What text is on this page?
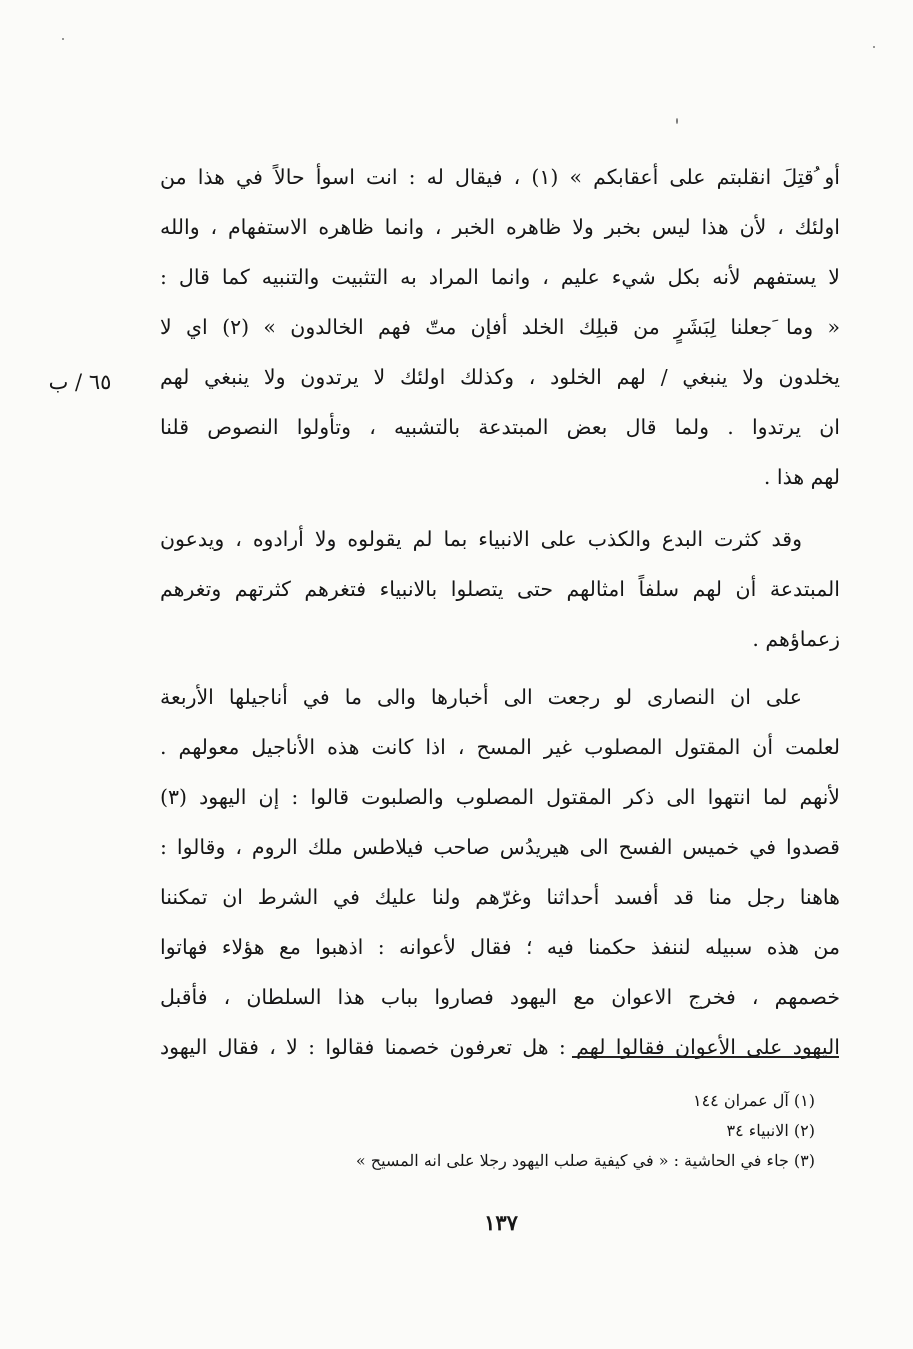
٦٥ / ب
أو ُقتِلَ انقلبتم على أعقابكم » (١) ، فيقال له : انت اسوأ حالاً في هذا من
اولئك ، لأن هذا ليس بخبر ولا ظاهره الخبر ، وانما ظاهره الاستفهام ، والله
لا يستفهم لأنه بكل شيء عليم ، وانما المراد به التثبيت والتنبيه كما قال :
« وما َجعلنا لِبَشَرٍ من قبلِك الخلد أفإن متّ فهم الخالدون » (٢) اي لا
يخلدون ولا ينبغي / لهم الخلود ، وكذلك اولئك لا يرتدون ولا ينبغي لهم
ان يرتدوا . ولما قال بعض المبتدعة بالتشبيه ، وتأولوا النصوص قلنا
لهم هذا .
وقد كثرت البدع والكذب على الانبياء بما لم يقولوه ولا أرادوه ، ويدعون
المبتدعة أن لهم سلفاً امثالهم حتى يتصلوا بالانبياء فتغرهم كثرتهم وتغرهم
زعماؤهم .
على ان النصارى لو رجعت الى أخبارها والى ما في أناجيلها الأربعة
لعلمت أن المقتول المصلوب غير المسح ، اذا كانت هذه الأناجيل معولهم .
لأنهم لما انتهوا الى ذكر المقتول المصلوب والصلبوت قالوا : إن اليهود (٣)
قصدوا في خميس الفسح الى هيريدُس صاحب فيلاطس ملك الروم ، وقالوا :
هاهنا رجل منا قد أفسد أحداثنا وغرّهم ولنا عليك في الشرط ان تمكننا
من هذه سبيله لننفذ حكمنا فيه ؛ فقال لأعوانه : اذهبوا مع هؤلاء فهاتوا
خصمهم ، فخرج الاعوان مع اليهود فصاروا بباب هذا السلطان ، فأقبل
اليهود على الأعوان فقالوا لهم : هل تعرفون خصمنا فقالوا : لا ، فقال اليهود
(١) آل عمران ١٤٤
(٢) الانبياء ٣٤
(٣) جاء في الحاشية : « في كيفية صلب اليهود رجلا على انه المسيح »
١٣٧
